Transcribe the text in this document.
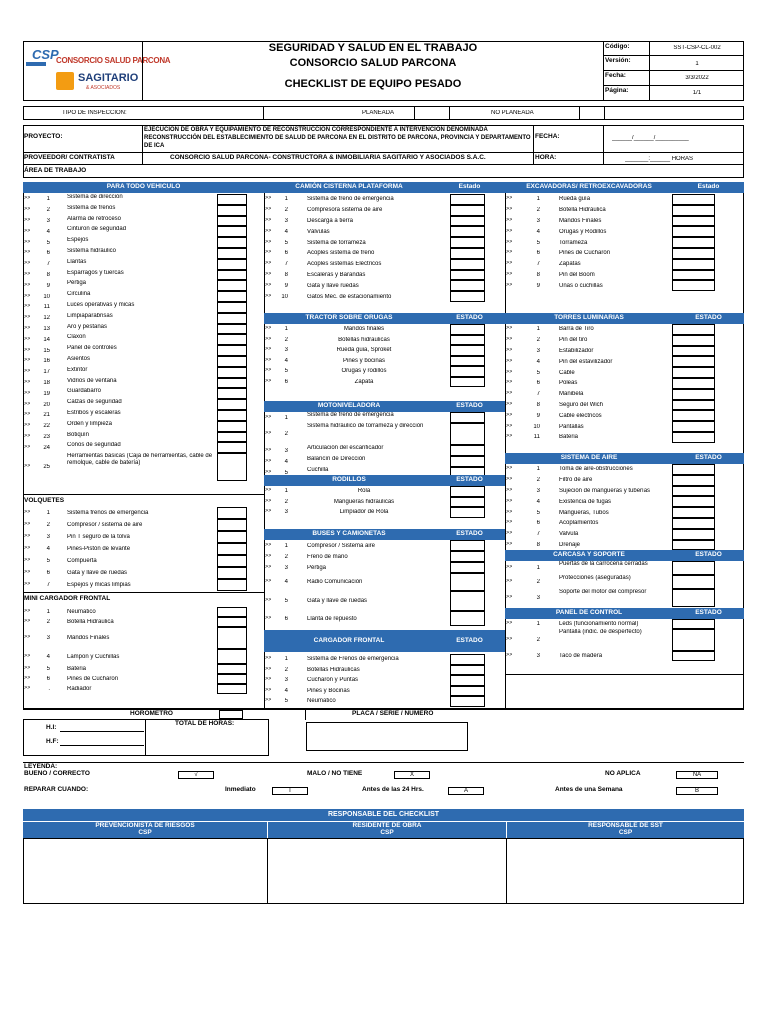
CSP
CONSORCIO SALUD PARCONA
SAGITARIO
& ASOCIADOS
SEGURIDAD Y SALUD EN EL TRABAJO
CONSORCIO SALUD PARCONA
CHECKLIST DE EQUIPO PESADO
Código:	SST-CSP-CL-002
Versión:	1
Fecha:	3/3/2022
Página:	1/1
TIPO DE INSPECCIÓN:	PLANEADA	NO PLANEADA
PROYECTO:
EJECUCIÓN DE OBRA Y EQUIPAMIENTO DE RECONSTRUCCIÓN CORRESPONDIENTE A INTERVENCIÓN DENOMINADA RECONSTRUCCIÓN DEL ESTABLECIMIENTO DE SALUD DE PARCONA EN EL DISTRITO DE PARCONA, PROVINCIA Y DEPARTAMENTO DE ICA
FECHA:	______/______/__________
PROVEEDOR/ CONTRATISTA	CONSORCIO SALUD PARCONA- CONSTRUCTORA & INMOBILIARIA SAGITARIO Y ASOCIADOS S.A.C.	HORA:	_______:______ HORAS
ÁREA DE TRABAJO
PARA TODO VEHICULO
>>	1	Sistema de dirección
>>	2	Sistema de frenos
>>	3	Alarma de retroceso
>>	4	Cinturon de seguridad
>>	5	Espejos
>>	6	Sistema hidráulico
>>	7	Llantas
>>	8	Espárragos y tuercas
>>	9	Pértiga
>>	10	Circulina
>>	11	Luces operativas y micas
>>	12	Limpiaparabrisas
>>	13	Aro y pestañas
>>	14	Claxon
>>	15	Panel de controles
>>	16	Asientos
>>	17	Extintor
>>	18	Vidrios de ventana
>>	19	Guardabarro
>>	20	Calzas de seguridad
>>	21	Estribos y escaleras
>>	22	Orden y limpieza
>>	23	Botiquín
>>	24	Conos de seguridad
>>	25
Herramientas básicas (Caja de herramientas, cable de remolque, cable de batería)
VOLQUETES
>>	1	Sistema frenos de emergencia
>>	2	Compresor / sistema de aire
>>	3	Pin T seguro de la tolva
>>	4	Pines-Pistón de levante
>>	5	Compuerta
>>	6	Gata y llave de ruedas
>>	7	Espejos y micas limpias
MINI CARGADOR FRONTAL
>>	1	Neumatico
>>	2	Botella Hidraulica
>>	3	Mandos Finales
>>	4	Lampon y Cuchillas
>>	5	Bateria
>>	6	Pines de Cucharon
>>	.	Radiador
CAMIÓN CISTERNA PLATAFORMA	Estado
>>	1	Sistema de freno de emergencia
>>	2	Compresora sistema de aire
>>	3	Descarga a tierra
>>	4	Válvulas
>>	5	Sistema de torrameza
>>	6	Acoples sistema de freno
>>	7	Acoples sistemas Eléctricos
>>	8	Escaleras y Barandas
>>	9	Gata y llave ruedas
>>	10	Gatos Mec. de estacionamiento
TRACTOR SOBRE ORUGAS	ESTADO
>>	1	Mandos finales
>>	2	Botellas hidraulicas
>>	3	Rueda guia, Sproket
>>	4	Pines y bocinas
>>	5	Orugas y rodillos
>>	6	Zapata
MOTONIVELADORA	ESTADO
>>	1	Sistema de freno de emergencia
>>	2
Sistema hidráulico de torrameza y dirección
>>	3	Articulación del escarificador
>>	4	Balancín de Dirección
>>	5	Cuchilla
RODILLOS	ESTADO
>>	1	Rola
>>	2	Mangueras hidraulicas
>>	3	Limpiador de Rola
BUSES Y CAMIONETAS	ESTADO
>>	1	Compresor / Sistema aire
>>	2	Freno de mano
>>	3	Pértiga
>>	4	Radio Comunicación
>>	5	Gata y llave de ruedas
>>	6	Llanta de repuesto
CARGADOR FRONTAL	ESTADO
>>	1	Sistema de Frenos de emergencia
>>	2	Botellas Hidráulicas
>>	3	Cucharón y Puntas
>>	4	Pines y Bocinas
>>	5	Neumatico
EXCAVADORAS/ RETROEXCAVADORAS	Estado
>>	1	Rueda guía
>>	2	Botella Hidráulica
>>	3	Mandos Finales
>>	4	Orugas y Rodillos
>>	5	Torrameza
>>	6	Pines de Cucharón
>>	7	Zapatas
>>	8	Pin del Boom
>>	9	Uñas o cuchillas
TORRES LUMINARIAS	ESTADO
>>	1	Barra de Tiro
>>	2	Pin del tiro
>>	3	Estabilizador
>>	4	Pin del estavilizador
>>	5	Cable
>>	6	Poleas
>>	7	Manibela
>>	8	Seguro del Wich
>>	9	Cable electricos
>>	10	Pantallas
>>	11	Bateria
SISTEMA DE AIRE	ESTADO
>>	1	Toma de aire-obstrucciones
>>	2	Filtro de aire
>>	3	Sujeción de mangueras y tuberías
>>	4	Existencia de fugas
>>	5	Mangueras, Tubos
>>	6	Acoplamientos
>>	7	Valvula
>>	8	Drenaje
CARCASA Y SOPORTE	ESTADO
>>	1
Puertas de la carroceria cerradas
>>	2
Protecciones (aseguradas)
>>	3
Soporte del motor del compresor
PANEL DE CONTROL	ESTADO
>>	1	Leds (funcionamiento normal)
>>	2
Pantalla (indic. de desperfecto)
>>	3	Taco de madera
HORÓMETRO
H.I:
H.F:
TOTAL DE HORAS:
PLACA / SERIE / NÚMERO
LEYENDA:
BUENO / CORRECTO	√	MALO / NO TIENE	X	NO APLICA	NA
REPARAR CUANDO:	Inmediato	I	Antes de las 24 Hrs.	A	Antes de una Semana	B
RESPONSABLE DEL CHECKLIST
PREVENCIONISTA DE RIESGOS
CSP
RESIDENTE DE OBRA
CSP
RESPONSABLE DE SST
CSP
